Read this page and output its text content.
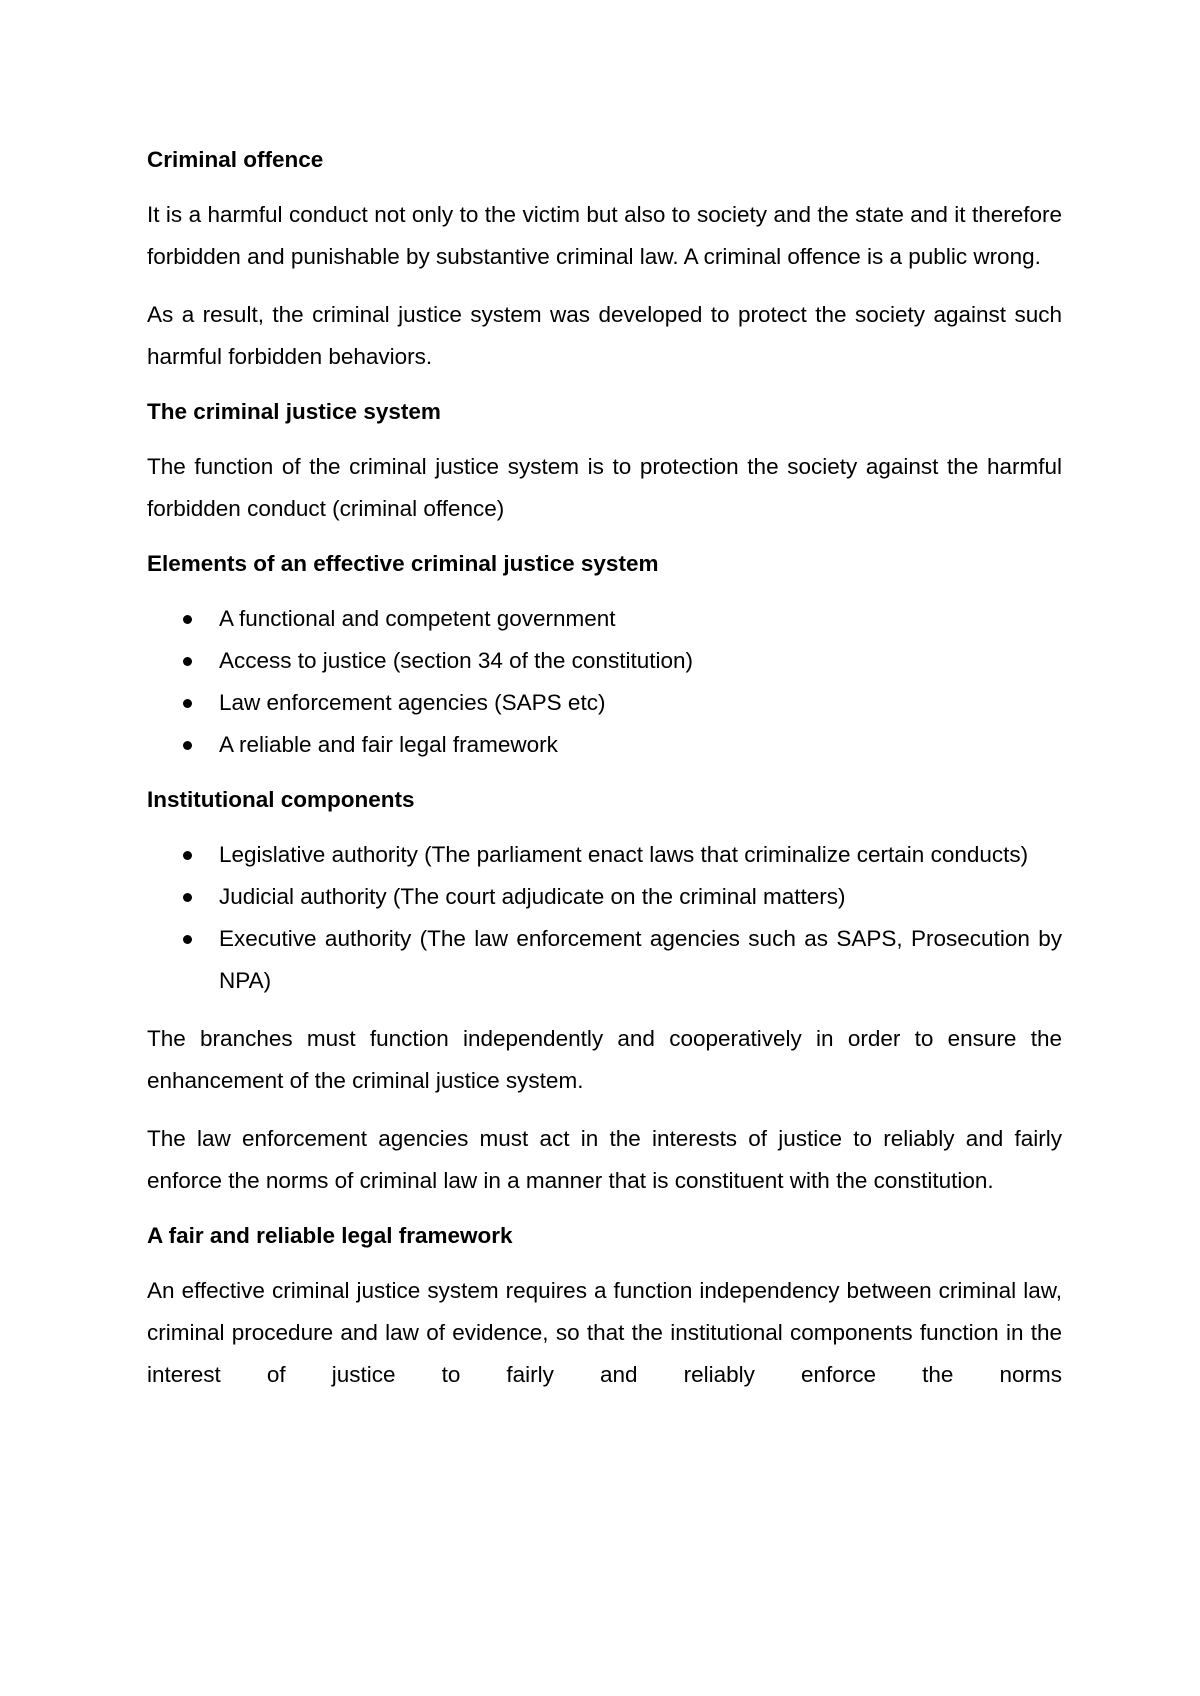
Criminal offence

It is a harmful conduct not only to the victim but also to society and the state and it therefore forbidden and punishable by substantive criminal law. A criminal offence is a public wrong.

As a result, the criminal justice system was developed to protect the society against such harmful forbidden behaviors.

The criminal justice system

The function of the criminal justice system is to protection the society against the harmful forbidden conduct (criminal offence)

Elements of an effective criminal justice system
A functional and competent government
Access to justice (section 34 of the constitution)
Law enforcement agencies (SAPS etc)
A reliable and fair legal framework
Institutional components
Legislative authority (The parliament enact laws that criminalize certain conducts)
Judicial authority (The court adjudicate on the criminal matters)
Executive authority (The law enforcement agencies such as SAPS, Prosecution by NPA)

The branches must function independently and cooperatively in order to ensure the enhancement of the criminal justice system.

The law enforcement agencies must act in the interests of justice to reliably and fairly enforce the norms of criminal law in a manner that is constituent with the constitution.

A fair and reliable legal framework

An effective criminal justice system requires a function independency between criminal law, criminal procedure and law of evidence, so that the institutional components function in the interest of justice to fairly and reliably enforce the norms
